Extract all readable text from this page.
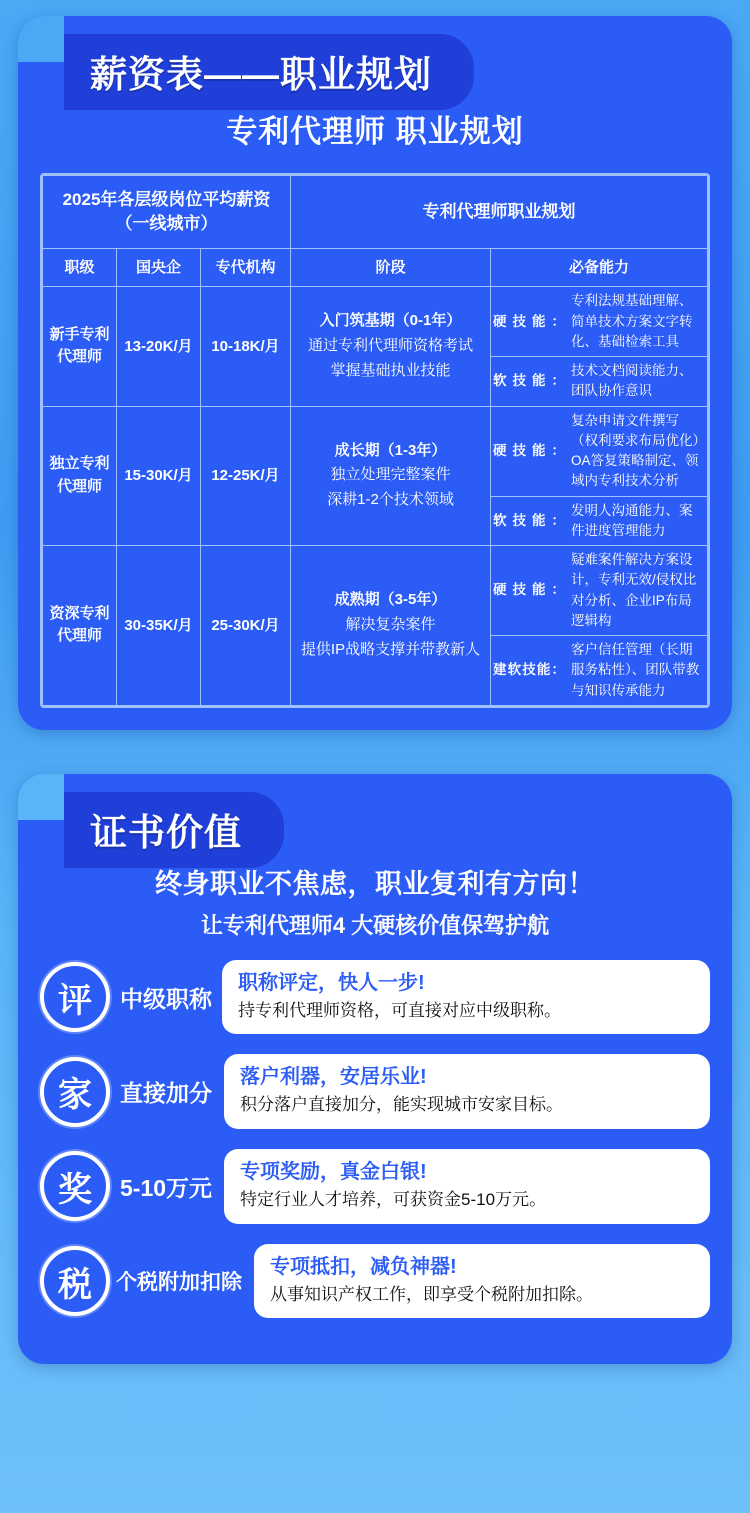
薪资表——职业规划
专利代理师 职业规划
2025年各层级岗位平均薪资（一线城市）	专利代理师职业规划
职级	国央企	专代机构	阶段	必备能力
新手专利代理师	13-20K/月	10-18K/月	
入门筑基期（0-1年）
通过专利代理师资格考试
掌握基础执业技能

硬技能：	专利法规基础理解、简单技术方案文字转化、基础检索工具
软技能：	技术文档阅读能力、团队协作意识

独立专利代理师	15-30K/月	12-25K/月	
成长期（1-3年）
独立处理完整案件
深耕1-2个技术领域

硬技能：	复杂申请文件撰写（权利要求布局优化）OA答复策略制定、领域内专利技术分析
软技能：	发明人沟通能力、案件进度管理能力

资深专利代理师	30-35K/月	25-30K/月	
成熟期（3-5年）
解决复杂案件
提供IP战略支撑并带教新人

硬技能：	疑难案件解决方案设计，专利无效/侵权比对分析、企业IP布局逻辑构
建软技能：	客户信任管理（长期服务粘性）、团队带教与知识传承能力
证书价值
终身职业不焦虑，职业复利有方向！
让专利代理师4 大硬核价值保驾护航
评	中级职称
职称评定，快人一步!
持专利代理师资格，可直接对应中级职称。
家	直接加分
落户利器，安居乐业!
积分落户直接加分，能实现城市安家目标。
奖	5-10万元
专项奖励，真金白银!
特定行业人才培养，可获资金5-10万元。
税	个税附加扣除
专项抵扣，减负神器!
从事知识产权工作，即享受个税附加扣除。
